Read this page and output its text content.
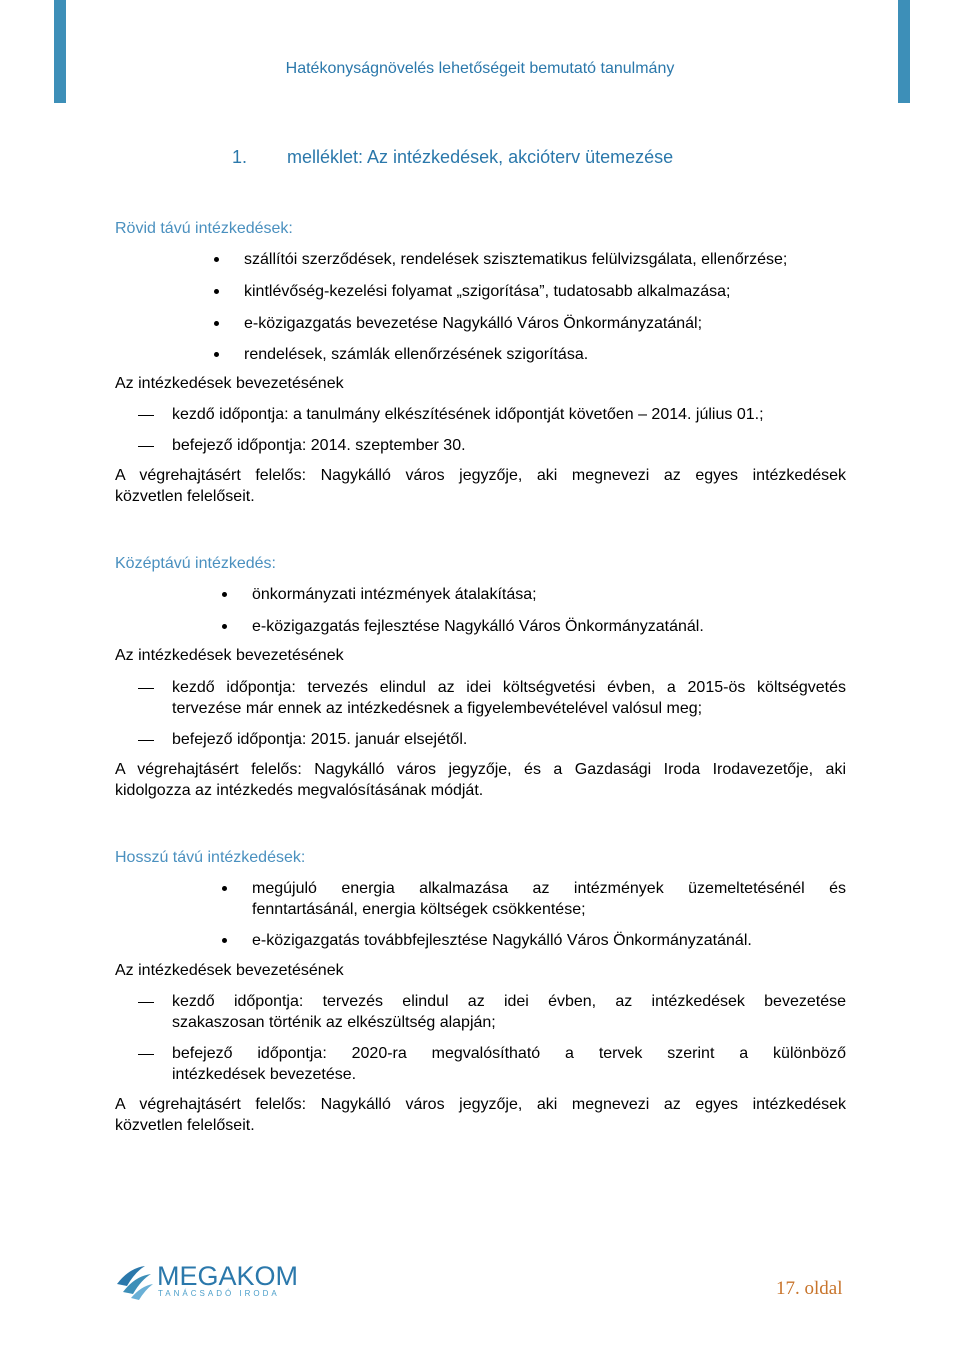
Hatékonyságnövelés lehetőségeit bemutató tanulmány
1. melléklet: Az intézkedések, akcióterv ütemezése
Rövid távú intézkedések:
szállítói szerződések, rendelések szisztematikus felülvizsgálata, ellenőrzése;
kintlévőség-kezelési folyamat „szigorítása”, tudatosabb alkalmazása;
e-közigazgatás bevezetése Nagykálló Város Önkormányzatánál;
rendelések, számlák ellenőrzésének szigorítása.
Az intézkedések bevezetésének
kezdő időpontja: a tanulmány elkészítésének időpontját követően – 2014. július 01.;
befejező időpontja: 2014. szeptember 30.
A végrehajtásért felelős: Nagykálló város jegyzője, aki megnevezi az egyes intézkedések
közvetlen felelőseit.
Középtávú intézkedés:
önkormányzati intézmények átalakítása;
e-közigazgatás fejlesztése Nagykálló Város Önkormányzatánál.
Az intézkedések bevezetésének
kezdő időpontja: tervezés elindul az idei költségvetési évben, a 2015-ös költségvetés
tervezése már ennek az intézkedésnek a figyelembevételével valósul meg;
befejező időpontja: 2015. január elsejétől.
A végrehajtásért felelős: Nagykálló város jegyzője, és a Gazdasági Iroda Irodavezetője, aki
kidolgozza az intézkedés megvalósításának módját.
Hosszú távú intézkedések:
megújuló energia alkalmazása az intézmények üzemeltetésénél és
fenntartásánál, energia költségek csökkentése;
e-közigazgatás továbbfejlesztése Nagykálló Város Önkormányzatánál.
Az intézkedések bevezetésének
kezdő időpontja: tervezés elindul az idei évben, az intézkedések bevezetése
szakaszosan történik az elkészültség alapján;
befejező időpontja: 2020-ra megvalósítható a tervek szerint a különböző
intézkedések bevezetése.
A végrehajtásért felelős: Nagykálló város jegyzője, aki megnevezi az egyes intézkedések
közvetlen felelőseit.
MEGAKOM
TANÁCSADÓ IRODA	17. oldal
